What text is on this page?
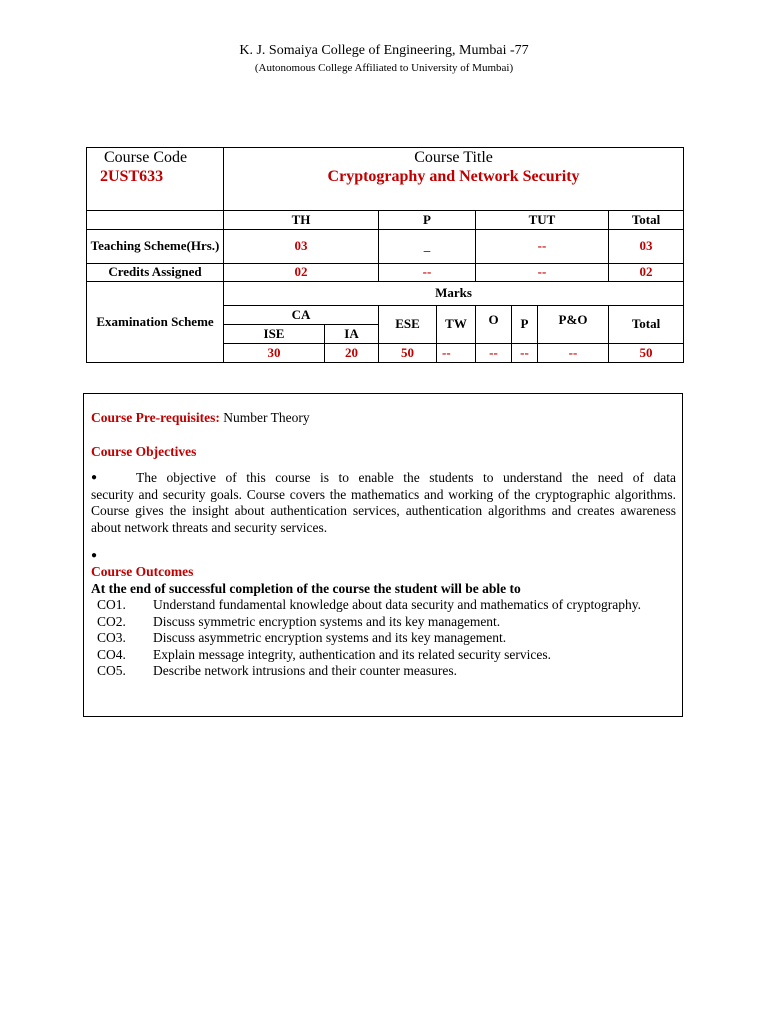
K. J. Somaiya College of Engineering, Mumbai -77
(Autonomous College Affiliated to University of Mumbai)
Course Code	Course Title							
2UST633	Cryptography and Network Security							
	TH		P		TUT			Total
Teaching Scheme(Hrs.)	03		_		--			03
Credits Assigned	02		--		--			02
Examination Scheme	Marks							
	CA		ESE	TW	O	P	P&O	Total
	ISE	IA						
	30	20	50	--	--	--	--	50
Course Pre-requisites: Number Theory
Course Objectives
●	The objective of this course is to enable the students to understand the need of data

security and security goals. Course covers the mathematics and working of the cryptographic algorithms. Course gives the insight about authentication services, authentication algorithms and creates awareness about network threats and security services.

●
Course Outcomes
At the end of successful completion of the course the student will be able to
CO1.	Understand fundamental knowledge about data security and mathematics of cryptography.
CO2.	Discuss symmetric encryption systems and its key management.
CO3.	Discuss asymmetric encryption systems and its key management.
CO4.	Explain message integrity, authentication and its related security services.
CO5.	Describe network intrusions and their counter measures.
